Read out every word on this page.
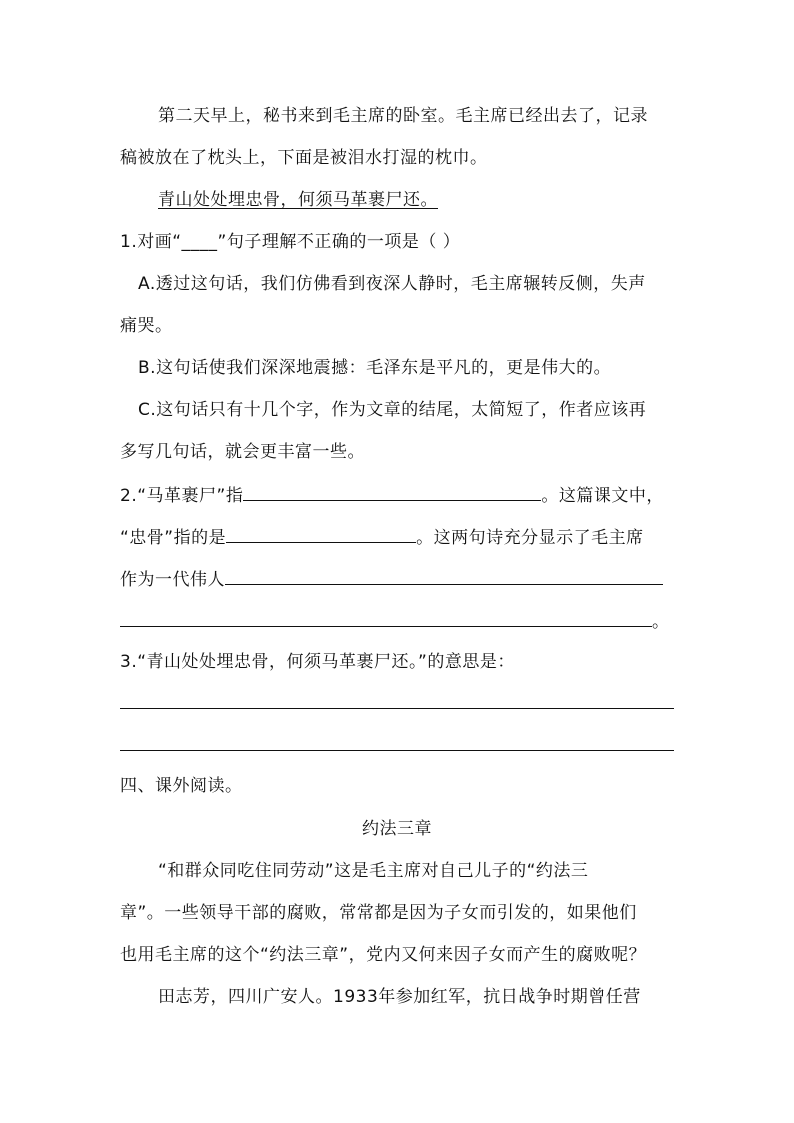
第二天早上，秘书来到毛主席的卧室。毛主席已经出去了，记录
稿被放在了枕头上，下面是被泪水打湿的枕巾。
青山处处埋忠骨，何须马革裹尸还。
1.对画“____”句子理解不正确的一项是（ ）
A.透过这句话，我们仿佛看到夜深人静时，毛主席辗转反侧，失声
痛哭。
B.这句话使我们深深地震撼：毛泽东是平凡的，更是伟大的。
C.这句话只有十几个字，作为文章的结尾，太简短了，作者应该再
多写几句话，就会更丰富一些。
2.“马革裹尸”指	。这篇课文中，
“忠骨”指的是	。这两句诗充分显示了毛主席
作为一代伟人
。
3.“青山处处埋忠骨，何须马革裹尸还。”的意思是：
四、课外阅读。
约法三章
“和群众同吃住同劳动”这是毛主席对自己儿子的“约法三
章”。一些领导干部的腐败，常常都是因为子女而引发的，如果他们
也用毛主席的这个“约法三章”，党内又何来因子女而产生的腐败呢？
田志芳，四川广安人。1933年参加红军，抗日战争时期曾任营
